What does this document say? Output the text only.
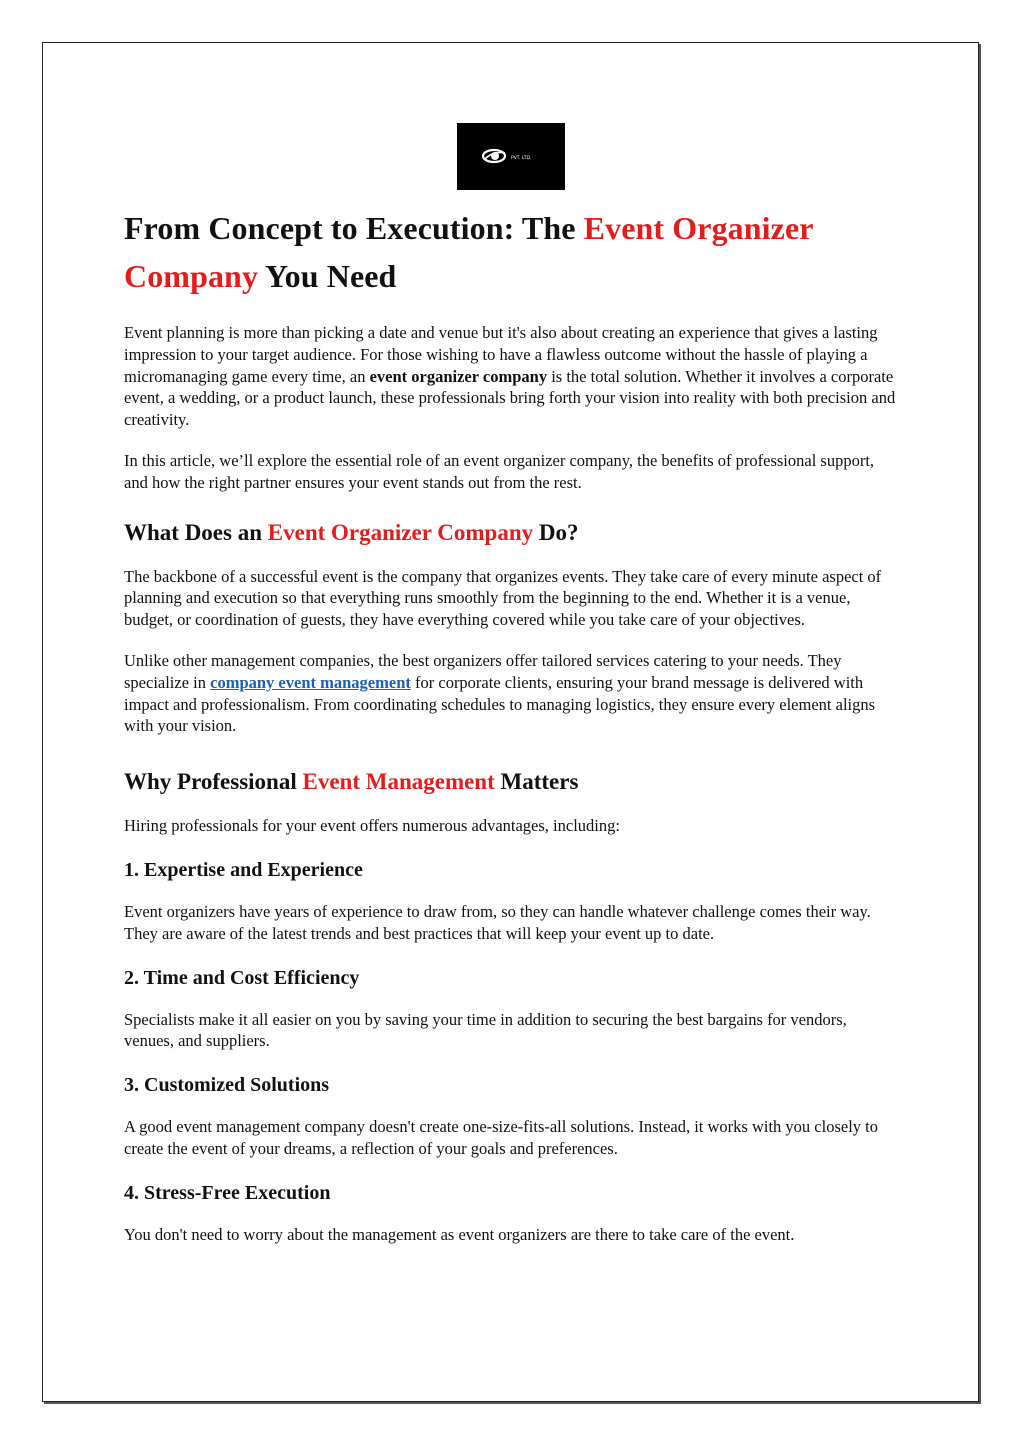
PVT. LTD.
From Concept to Execution: The Event Organizer Company You Need

Event planning is more than picking a date and venue but it's also about creating an experience that gives a lasting impression to your target audience. For those wishing to have a flawless outcome without the hassle of playing a micromanaging game every time, an event organizer company is the total solution. Whether it involves a corporate event, a wedding, or a product launch, these professionals bring forth your vision into reality with both precision and creativity.

In this article, we’ll explore the essential role of an event organizer company, the benefits of professional support, and how the right partner ensures your event stands out from the rest.

What Does an Event Organizer Company Do?

The backbone of a successful event is the company that organizes events. They take care of every minute aspect of planning and execution so that everything runs smoothly from the beginning to the end. Whether it is a venue, budget, or coordination of guests, they have everything covered while you take care of your objectives.

Unlike other management companies, the best organizers offer tailored services catering to your needs. They specialize in company event management for corporate clients, ensuring your brand message is delivered with impact and professionalism. From coordinating schedules to managing logistics, they ensure every element aligns with your vision.

Why Professional Event Management Matters

Hiring professionals for your event offers numerous advantages, including:

1. Expertise and Experience

Event organizers have years of experience to draw from, so they can handle whatever challenge comes their way. They are aware of the latest trends and best practices that will keep your event up to date.

2. Time and Cost Efficiency

Specialists make it all easier on you by saving your time in addition to securing the best bargains for vendors, venues, and suppliers.

3. Customized Solutions

A good event management company doesn't create one-size-fits-all solutions. Instead, it works with you closely to create the event of your dreams, a reflection of your goals and preferences.

4. Stress-Free Execution

You don't need to worry about the management as event organizers are there to take care of the event.
